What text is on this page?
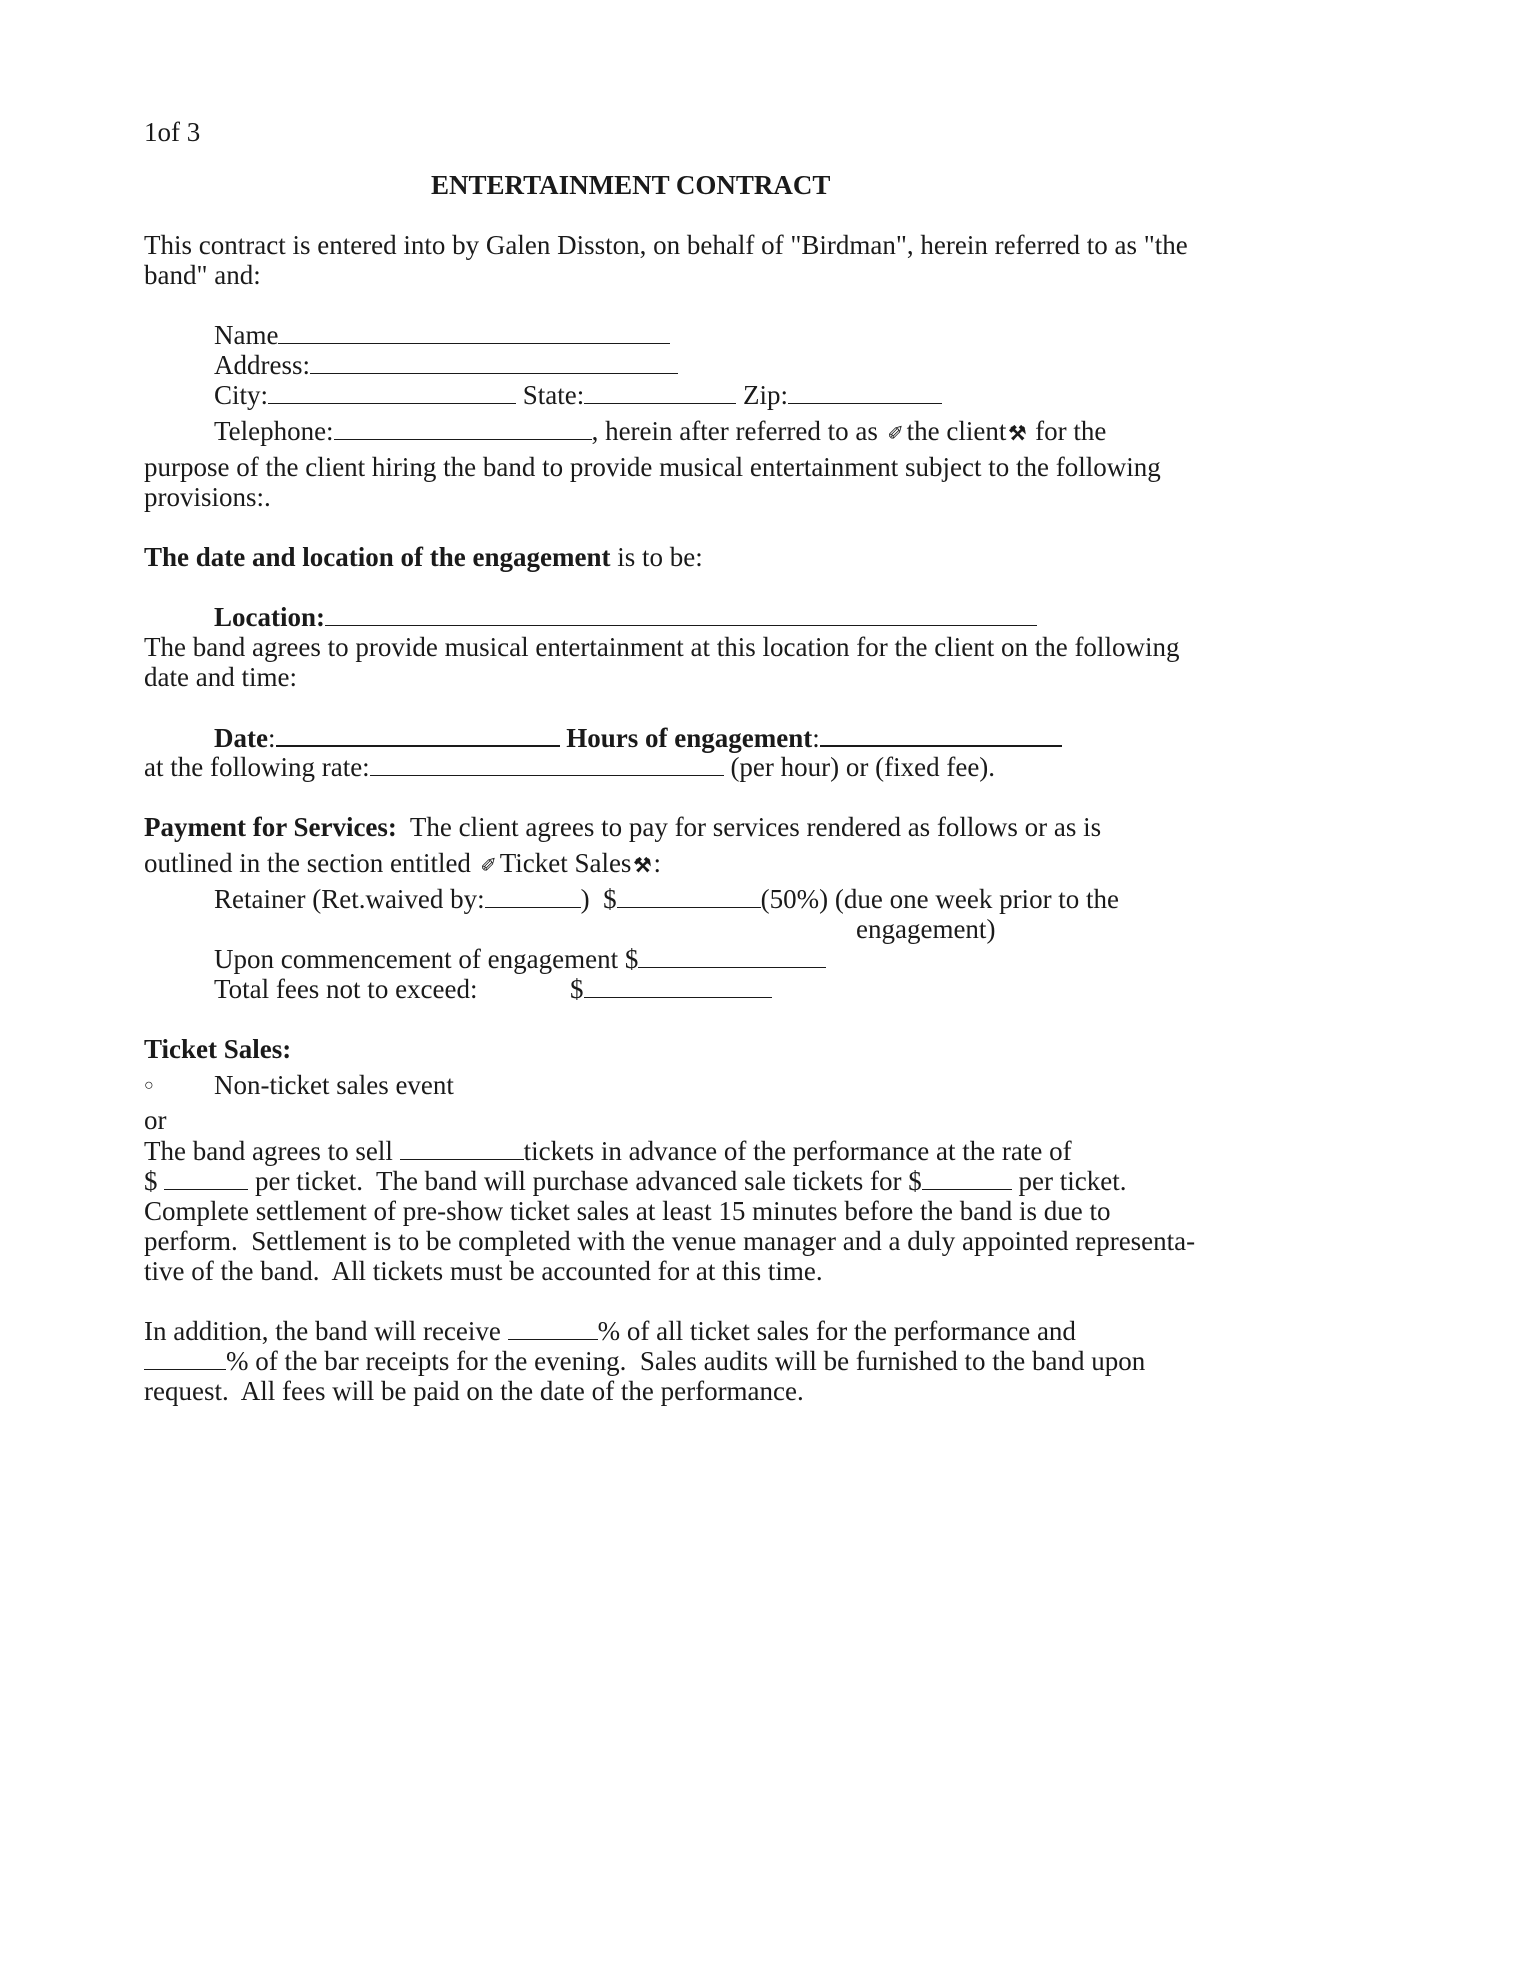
1of 3
ENTERTAINMENT CONTRACT
This contract is entered into by Galen Disston, on behalf of "Birdman", herein referred to as "the
band" and:
Name
Address:
City:	State:	Zip:
Telephone:	, herein after referred to as ✐the client ⚒ for the
purpose of the client hiring the band to provide musical entertainment subject to the following
provisions:.
The date and location of the engagement is to be:
Location:
The band agrees to provide musical entertainment at this location for the client on the following
date and time:
Date:	Hours of engagement:
at the following rate:	(per hour) or (fixed fee).
Payment for Services:  The client agrees to pay for services rendered as follows or as is
outlined in the section entitled ✐Ticket Sales ⚒:
Retainer (Ret.waived by:	)  $	(50%) (due one week prior to the
engagement)
Upon commencement of engagement $
Total fees not to exceed:	$
Ticket Sales:
○ Non-ticket sales event
or
The band agrees to sell	tickets in advance of the performance at the rate of
$	per ticket.  The band will purchase advanced sale tickets for $	per ticket.
Complete settlement of pre-show ticket sales at least 15 minutes before the band is due to
perform.  Settlement is to be completed with the venue manager and a duly appointed representa-
tive of the band.  All tickets must be accounted for at this time.
In addition, the band will receive	% of all ticket sales for the performance and
% of the bar receipts for the evening.  Sales audits will be furnished to the band upon
request.  All fees will be paid on the date of the performance.
